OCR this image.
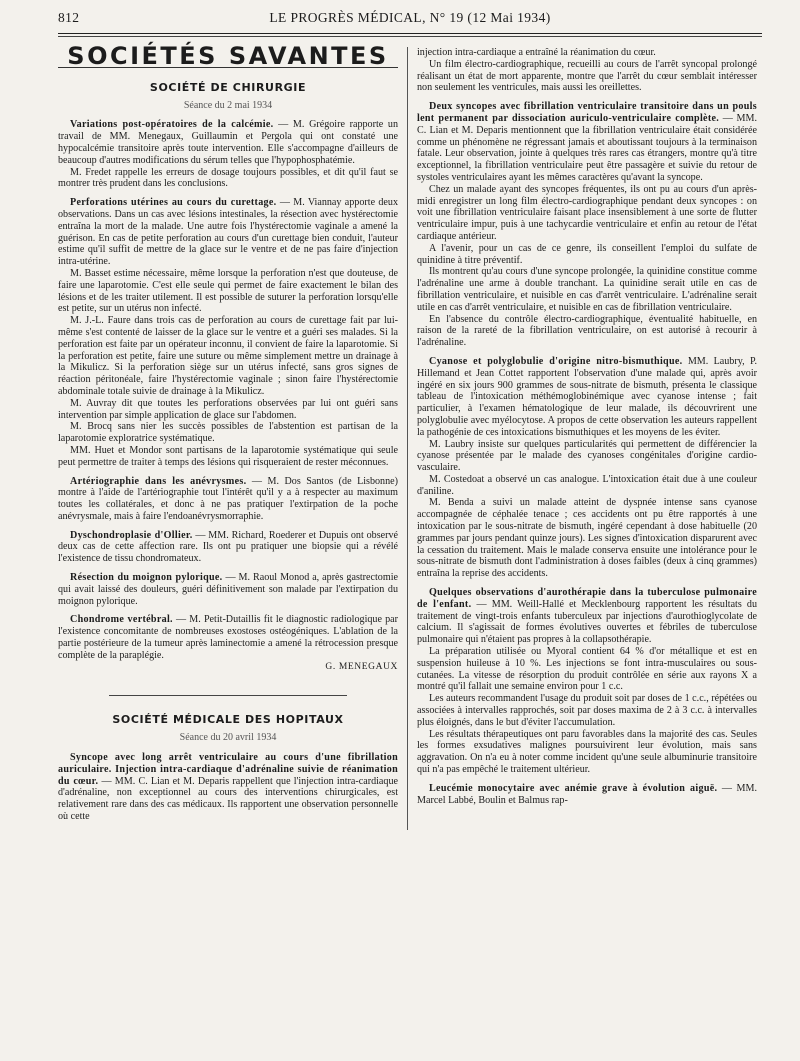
812	LE PROGRÈS MÉDICAL, N° 19 (12 Mai 1934)
SOCIÉTÉS SAVANTES
SOCIÉTÉ DE CHIRURGIE
Séance du 2 mai 1934

Variations post-opératoires de la calcémie. — M. Grégoire rapporte un travail de MM. Menegaux, Guillaumin et Pergola qui ont constaté une hypocalcémie transitoire après toute intervention. Elle s'accompagne d'ailleurs de beaucoup d'autres modifications du sérum telles que l'hypophosphatémie.

M. Fredet rappelle les erreurs de dosage toujours possibles, et dit qu'il faut se montrer très prudent dans les conclusions.

Perforations utérines au cours du curettage. — M. Viannay apporte deux observations. Dans un cas avec lésions intestinales, la résection avec hystérectomie entraîna la mort de la malade. Une autre fois l'hystérectomie vaginale a amené la guérison. En cas de petite perforation au cours d'un curettage bien conduit, l'auteur estime qu'il suffit de mettre de la glace sur le ventre et de ne pas faire d'injection intra-utérine.

M. Basset estime nécessaire, même lorsque la perforation n'est que douteuse, de faire une laparotomie. C'est elle seule qui permet de faire exactement le bilan des lésions et de les traiter utilement. Il est possible de suturer la perforation lorsqu'elle est petite, sur un utérus non infecté.

M. J.-L. Faure dans trois cas de perforation au cours de curettage fait par lui-même s'est contenté de laisser de la glace sur le ventre et a guéri ses malades. Si la perforation est faite par un opérateur inconnu, il convient de faire la laparotomie. Si la perforation est petite, faire une suture ou même simplement mettre un drainage à la Mikulicz. Si la perforation siège sur un utérus infecté, sans gros signes de réaction péritonéale, faire l'hystérectomie vaginale ; sinon faire l'hystérectomie abdominale totale suivie de drainage à la Mikulicz.

M. Auvray dit que toutes les perforations observées par lui ont guéri sans intervention par simple application de glace sur l'abdomen.

M. Brocq sans nier les succès possibles de l'abstention est partisan de la laparotomie exploratrice systématique.

MM. Huet et Mondor sont partisans de la laparotomie systématique qui seule peut permettre de traiter à temps des lésions qui risqueraient de rester méconnues.

Artériographie dans les anévrysmes. — M. Dos Santos (de Lisbonne) montre à l'aide de l'artériographie tout l'intérêt qu'il y a à respecter au maximum toutes les collatérales, et donc à ne pas pratiquer l'extirpation de la poche anévrysmale, mais à faire l'endoanévrysmorraphie.

Dyschondroplasie d'Ollier. — MM. Richard, Roederer et Dupuis ont observé deux cas de cette affection rare. Ils ont pu pratiquer une biopsie qui a révélé l'existence de tissu chondromateux.

Résection du moignon pylorique. — M. Raoul Monod a, après gastrectomie qui avait laissé des douleurs, guéri définitivement son malade par l'extirpation du moignon pylorique.

Chondrome vertébral. — M. Petit-Dutaillis fit le diagnostic radiologique par l'existence concomitante de nombreuses exostoses ostéogéniques. L'ablation de la partie postérieure de la tumeur après laminectomie a amené la rétrocession presque complète de la paraplégie.

G. MENEGAUX
SOCIÉTÉ MÉDICALE DES HOPITAUX
Séance du 20 avril 1934

Syncope avec long arrêt ventriculaire au cours d'une fibrillation auriculaire. Injection intra-cardiaque d'adrénaline suivie de réanimation du cœur. — MM. C. Lian et M. Deparis rappellent que l'injection intra-cardiaque d'adrénaline, non exceptionnel au cours des interventions chirurgicales, est relativement rare dans des cas médicaux. Ils rapportent une observation personnelle où cette

injection intra-cardiaque a entraîné la réanimation du cœur.

Un film électro-cardiographique, recueilli au cours de l'arrêt syncopal prolongé réalisant un état de mort apparente, montre que l'arrêt du cœur semblait intéresser non seulement les ventricules, mais aussi les oreillettes.

Deux syncopes avec fibrillation ventriculaire transitoire dans un pouls lent permanent par dissociation auriculo-ventriculaire complète. — MM. C. Lian et M. Deparis mentionnent que la fibrillation ventriculaire était considérée comme un phénomène ne régressant jamais et aboutissant toujours à la terminaison fatale. Leur observation, jointe à quelques très rares cas étrangers, montre qu'à titre exceptionnel, la fibrillation ventriculaire peut être passagère et suivie du retour de systoles ventriculaires ayant les mêmes caractères qu'avant la syncope.

Chez un malade ayant des syncopes fréquentes, ils ont pu au cours d'un après-midi enregistrer un long film électro-cardiographique pendant deux syncopes : on voit une fibrillation ventriculaire faisant place insensiblement à une sorte de flutter ventriculaire impur, puis à une tachycardie ventriculaire et enfin au retour de l'état cardiaque antérieur.

A l'avenir, pour un cas de ce genre, ils conseillent l'emploi du sulfate de quinidine à titre préventif.

Ils montrent qu'au cours d'une syncope prolongée, la quinidine constitue comme l'adrénaline une arme à double tranchant. La quinidine serait utile en cas de fibrillation ventriculaire, et nuisible en cas d'arrêt ventriculaire. L'adrénaline serait utile en cas d'arrêt ventriculaire, et nuisible en cas de fibrillation ventriculaire.

En l'absence du contrôle électro-cardiographique, éventualité habituelle, en raison de la rareté de la fibrillation ventriculaire, on est autorisé à recourir à l'adrénaline.

Cyanose et polyglobulie d'origine nitro-bismuthique. MM. Laubry, P. Hillemand et Jean Cottet rapportent l'observation d'une malade qui, après avoir ingéré en six jours 900 grammes de sous-nitrate de bismuth, présenta le classique tableau de l'intoxication méthémoglobinémique avec cyanose intense ; fait particulier, à l'examen hématologique de leur malade, ils découvrirent une polyglobulie avec myélocytose. A propos de cette observation les auteurs rappellent la pathogénie de ces intoxications bismuthiques et les moyens de les éviter.

M. Laubry insiste sur quelques particularités qui permettent de différencier la cyanose présentée par le malade des cyanoses congénitales d'origine cardio-vasculaire.

M. Costedoat a observé un cas analogue. L'intoxication était due à une couleur d'aniline.

M. Benda a suivi un malade atteint de dyspnée intense sans cyanose accompagnée de céphalée tenace ; ces accidents ont pu être rapportés à une intoxication par le sous-nitrate de bismuth, ingéré cependant à dose habituelle (20 grammes par jours pendant quinze jours). Les signes d'intoxication disparurent avec la cessation du traitement. Mais le malade conserva ensuite une intolérance pour le sous-nitrate de bismuth dont l'administration à doses faibles (deux à cinq grammes) entraîna la reprise des accidents.

Quelques observations d'aurothérapie dans la tuberculose pulmonaire de l'enfant. — MM. Weill-Hallé et Mecklenbourg rapportent les résultats du traitement de vingt-trois enfants tuberculeux par injections d'aurothioglycolate de calcium. Il s'agissait de formes évolutives ouvertes et fébriles de tuberculose pulmonaire qui n'étaient pas propres à la collapsothérapie.

La préparation utilisée ou Myoral contient 64 % d'or métallique et est en suspension huileuse à 10 %. Les injections se font intra-musculaires ou sous-cutanées. La vitesse de résorption du produit contrôlée en série aux rayons X a montré qu'il fallait une semaine environ pour 1 c.c.

Les auteurs recommandent l'usage du produit soit par doses de 1 c.c., répétées ou associées à intervalles rapprochés, soit par doses maxima de 2 à 3 c.c. à intervalles plus éloignés, dans le but d'éviter l'accumulation.

Les résultats thérapeutiques ont paru favorables dans la majorité des cas. Seules les formes exsudatives malignes poursuivirent leur évolution, mais sans aggravation. On n'a eu à noter comme incident qu'une seule albuminurie transitoire qui n'a pas empêché le traitement ultérieur.

Leucémie monocytaire avec anémie grave à évolution aiguë. — MM. Marcel Labbé, Boulin et Balmus rap-
